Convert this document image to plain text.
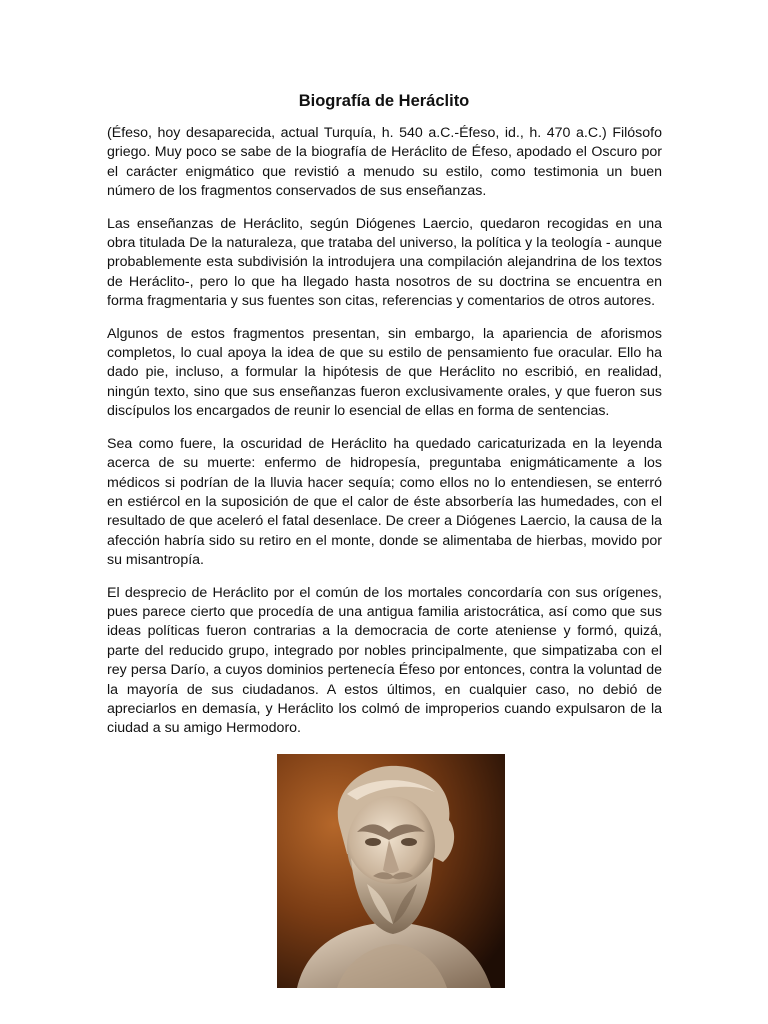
Biografía de Heráclito

(Éfeso, hoy desaparecida, actual Turquía, h. 540 a.C.-Éfeso, id., h. 470 a.C.) Filósofo griego. Muy poco se sabe de la biografía de Heráclito de Éfeso, apodado el Oscuro por el carácter enigmático que revistió a menudo su estilo, como testimonia un buen número de los fragmentos conservados de sus enseñanzas.

Las enseñanzas de Heráclito, según Diógenes Laercio, quedaron recogidas en una obra titulada De la naturaleza, que trataba del universo, la política y la teología - aunque probablemente esta subdivisión la introdujera una compilación alejandrina de los textos de Heráclito-, pero lo que ha llegado hasta nosotros de su doctrina se encuentra en forma fragmentaria y sus fuentes son citas, referencias y comentarios de otros autores.

Algunos de estos fragmentos presentan, sin embargo, la apariencia de aforismos completos, lo cual apoya la idea de que su estilo de pensamiento fue oracular. Ello ha dado pie, incluso, a formular la hipótesis de que Heráclito no escribió, en realidad, ningún texto, sino que sus enseñanzas fueron exclusivamente orales, y que fueron sus discípulos los encargados de reunir lo esencial de ellas en forma de sentencias.

Sea como fuere, la oscuridad de Heráclito ha quedado caricaturizada en la leyenda acerca de su muerte: enfermo de hidropesía, preguntaba enigmáticamente a los médicos si podrían de la lluvia hacer sequía; como ellos no lo entendiesen, se enterró en estiércol en la suposición de que el calor de éste absorbería las humedades, con el resultado de que aceleró el fatal desenlace. De creer a Diógenes Laercio, la causa de la afección habría sido su retiro en el monte, donde se alimentaba de hierbas, movido por su misantropía.

El desprecio de Heráclito por el común de los mortales concordaría con sus orígenes, pues parece cierto que procedía de una antigua familia aristocrática, así como que sus ideas políticas fueron contrarias a la democracia de corte ateniense y formó, quizá, parte del reducido grupo, integrado por nobles principalmente, que simpatizaba con el rey persa Darío, a cuyos dominios pertenecía Éfeso por entonces, contra la voluntad de la mayoría de sus ciudadanos. A estos últimos, en cualquier caso, no debió de apreciarlos en demasía, y Heráclito los colmó de improperios cuando expulsaron de la ciudad a su amigo Hermodoro.
